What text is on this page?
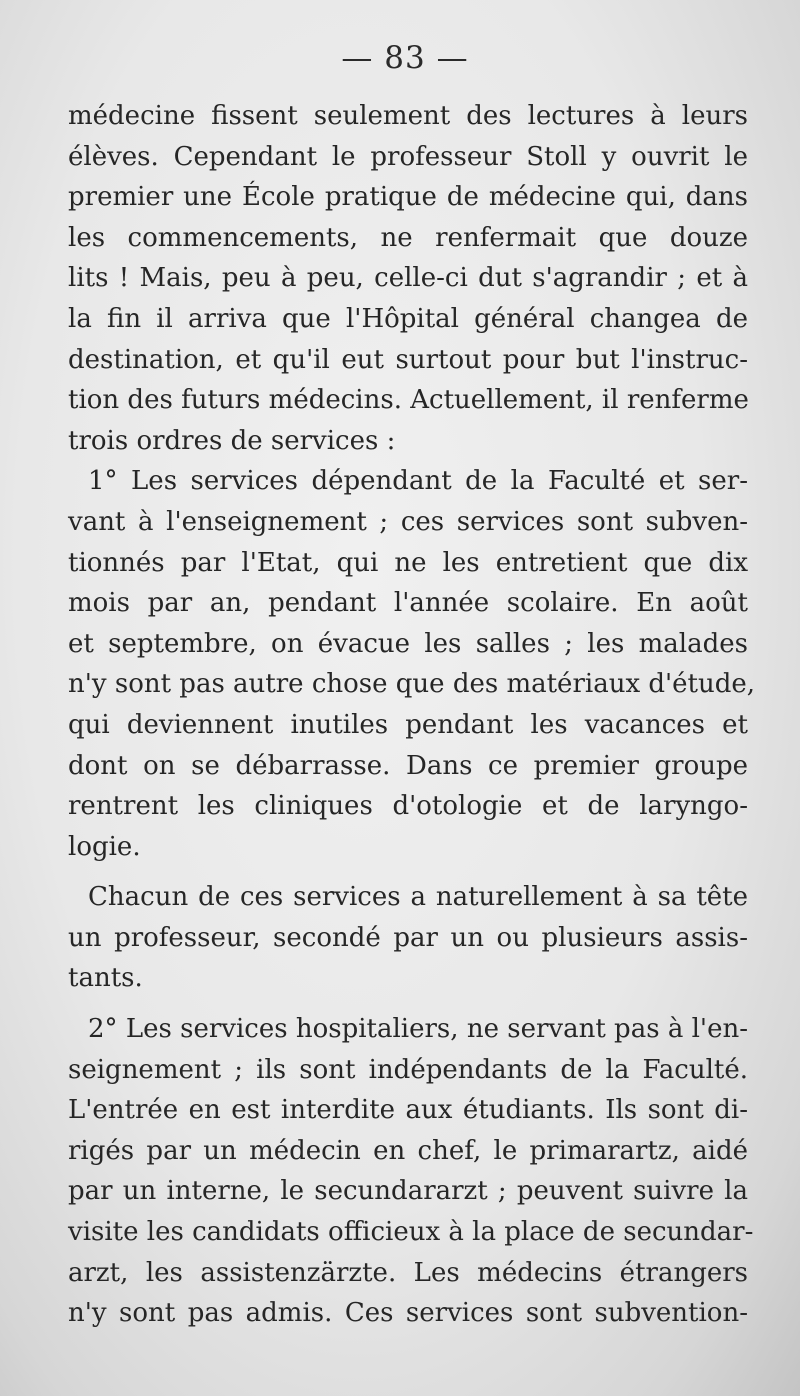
— 83 —
médecine fissent seulement des lectures à leurs
élèves. Cependant le professeur Stoll y ouvrit le
premier une École pratique de médecine qui, dans
les commencements, ne renfermait que douze
lits ! Mais, peu à peu, celle-ci dut s'agrandir ; et à
la fin il arriva que l'Hôpital général changea de
destination, et qu'il eut surtout pour but l'instruc-
tion des futurs médecins. Actuellement, il renferme
trois ordres de services :
1° Les services dépendant de la Faculté et ser-
vant à l'enseignement ; ces services sont subven-
tionnés par l'Etat, qui ne les entretient que dix
mois par an, pendant l'année scolaire. En août
et septembre, on évacue les salles ; les malades
n'y sont pas autre chose que des matériaux d'étude,
qui deviennent inutiles pendant les vacances et
dont on se débarrasse. Dans ce premier groupe
rentrent les cliniques d'otologie et de laryngo-
logie.
Chacun de ces services a naturellement à sa tête
un professeur, secondé par un ou plusieurs assis-
tants.
2° Les services hospitaliers, ne servant pas à l'en-
seignement ; ils sont indépendants de la Faculté.
L'entrée en est interdite aux étudiants. Ils sont di-
rigés par un médecin en chef, le primarartz, aidé
par un interne, le secundararzt ; peuvent suivre la
visite les candidats officieux à la place de secundar-
arzt, les assistenzärzte. Les médecins étrangers
n'y sont pas admis. Ces services sont subvention-
